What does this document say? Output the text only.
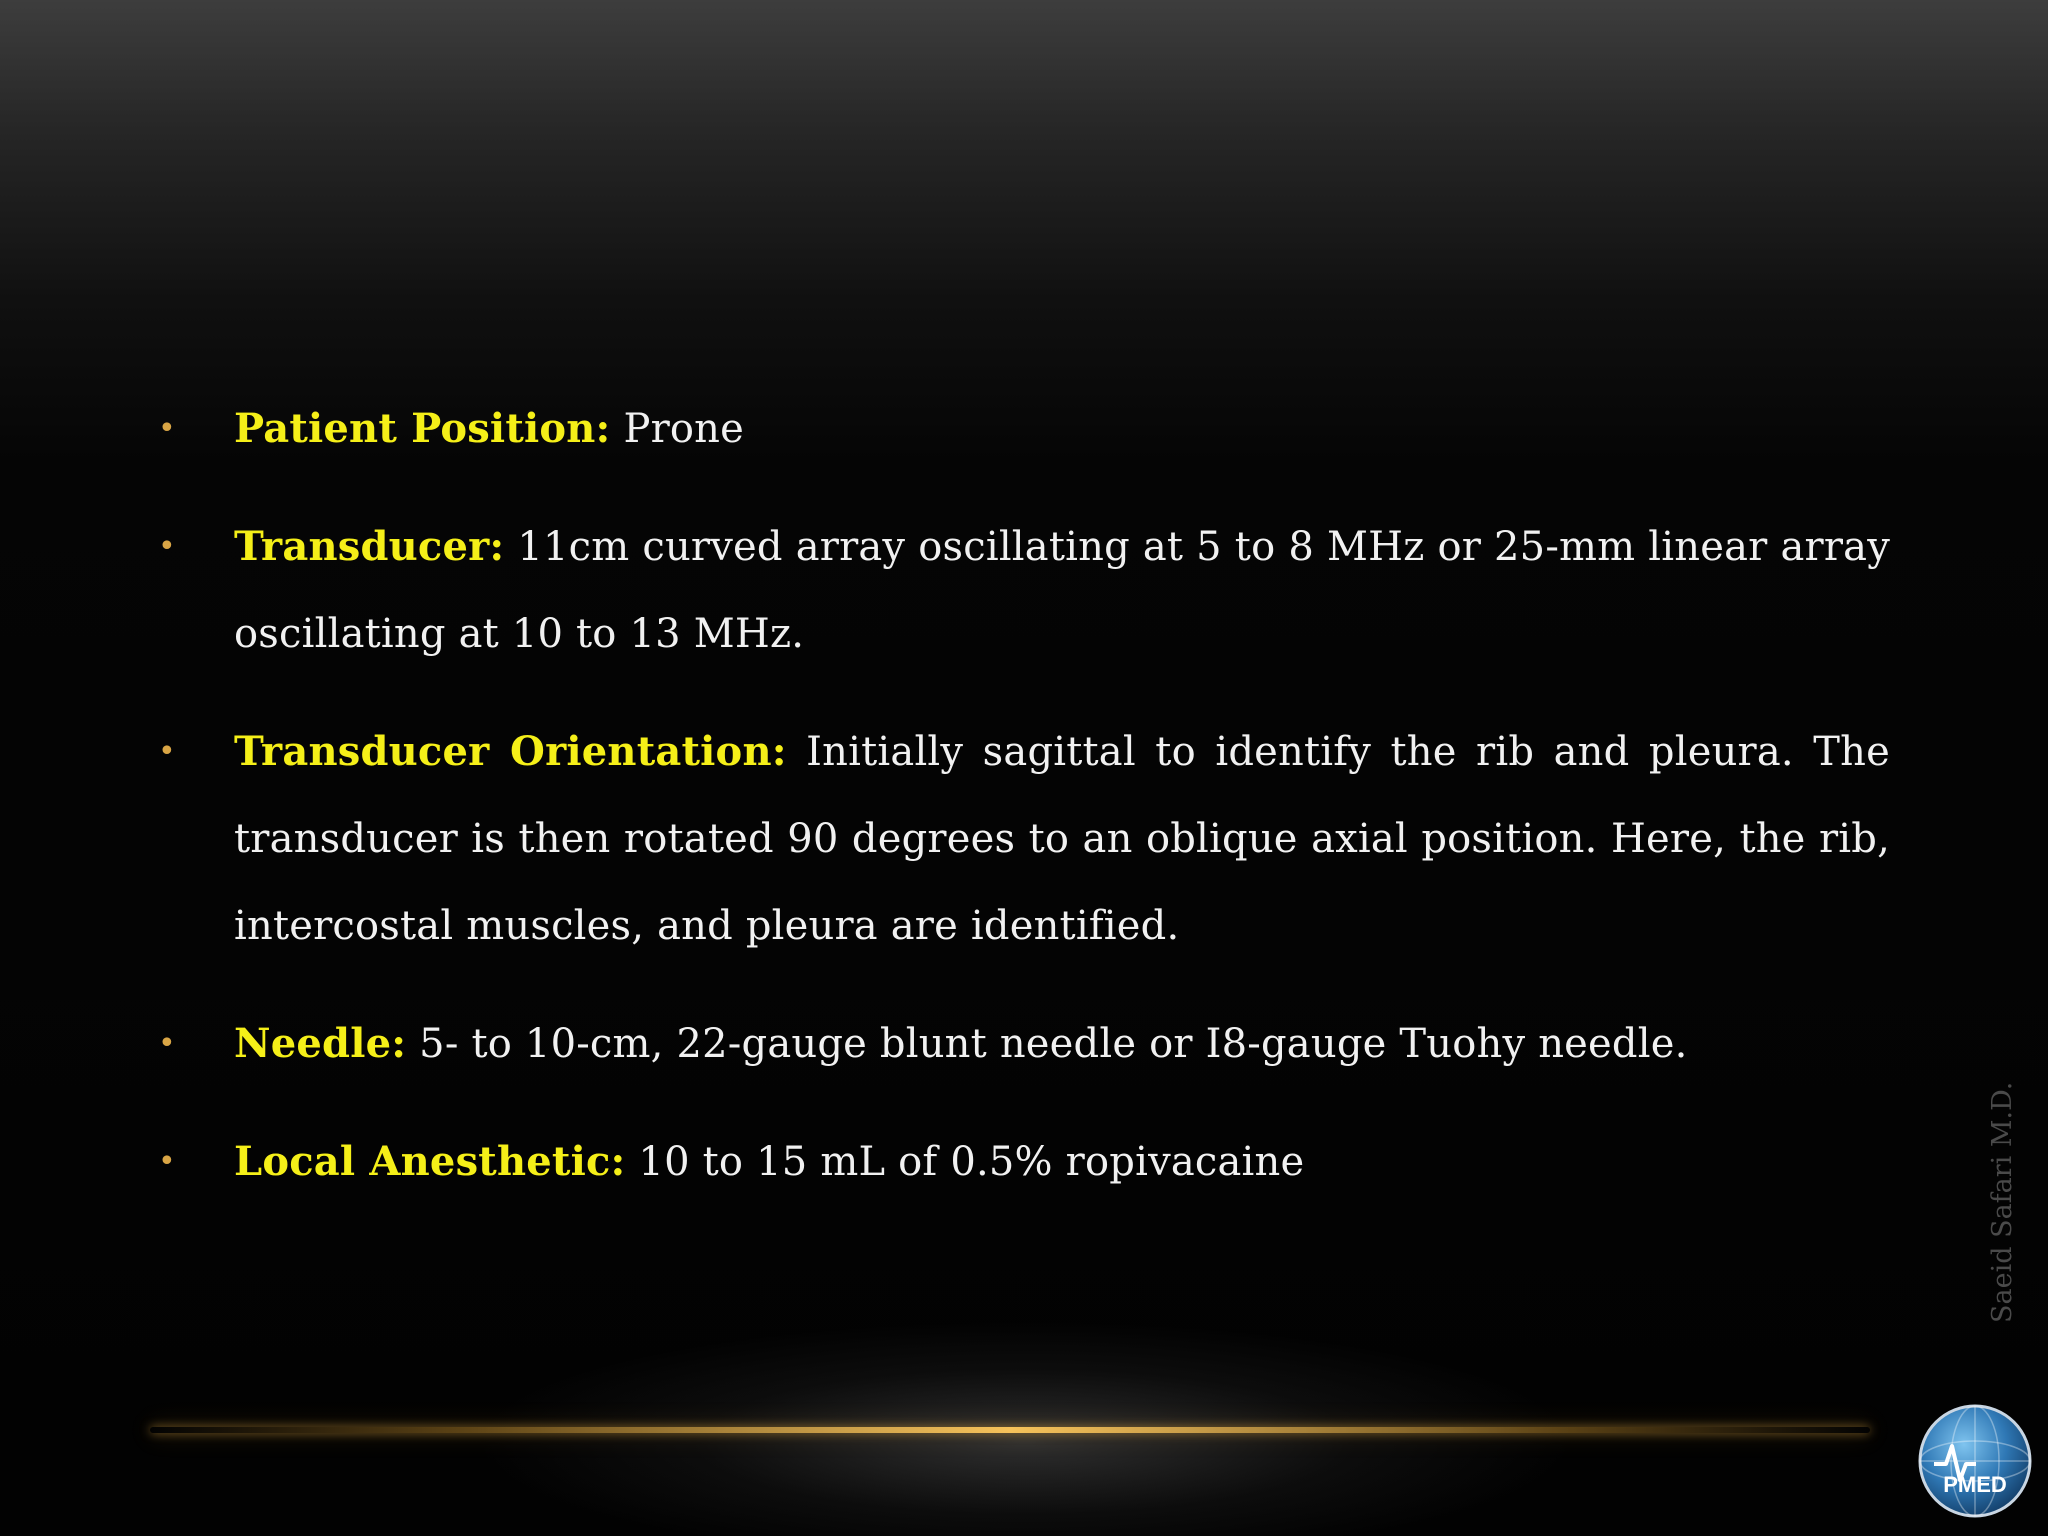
• Patient Position: Prone
• Transducer: 11cm curved array oscillating at 5 to 8 MHz or 25-mm linear array oscillating at 10 to 13 MHz.
• Transducer Orientation: Initially sagittal to identify the rib and pleura. The transducer is then rotated 90 degrees to an oblique axial position. Here, the rib, intercostal muscles, and pleura are identified.
• Needle: 5- to 10-cm, 22-gauge blunt needle or I8-gauge Tuohy needle.
• Local Anesthetic: 10 to 15 mL of 0.5% ropivacaine	Saeid Safari M.D.
PMED
